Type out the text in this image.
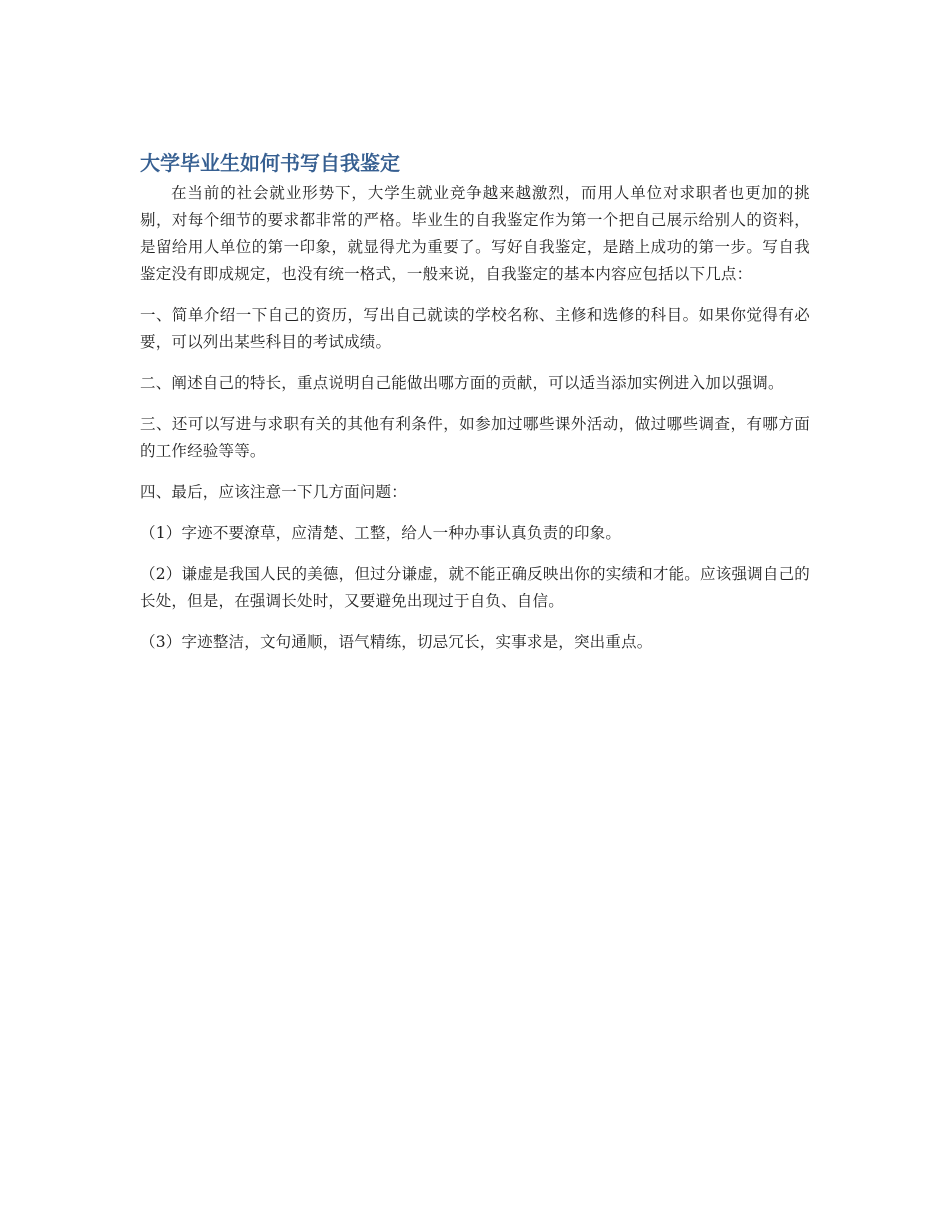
大学毕业生如何书写自我鉴定

在当前的社会就业形势下，大学生就业竞争越来越激烈，而用人单位对求职者也更加的挑剔，对每个细节的要求都非常的严格。毕业生的自我鉴定作为第一个把自己展示给别人的资料，是留给用人单位的第一印象，就显得尤为重要了。写好自我鉴定，是踏上成功的第一步。写自我鉴定没有即成规定，也没有统一格式，一般来说，自我鉴定的基本内容应包括以下几点：

一、简单介绍一下自己的资历，写出自己就读的学校名称、主修和选修的科目。如果你觉得有必要，可以列出某些科目的考试成绩。

二、阐述自己的特长，重点说明自己能做出哪方面的贡献，可以适当添加实例进入加以强调。

三、还可以写进与求职有关的其他有利条件，如参加过哪些课外活动，做过哪些调查，有哪方面的工作经验等等。

四、最后，应该注意一下几方面问题：

（1）字迹不要潦草，应清楚、工整，给人一种办事认真负责的印象。

（2）谦虚是我国人民的美德，但过分谦虚，就不能正确反映出你的实绩和才能。应该强调自己的长处，但是，在强调长处时，又要避免出现过于自负、自信。

（3）字迹整洁，文句通顺，语气精练，切忌冗长，实事求是，突出重点。
